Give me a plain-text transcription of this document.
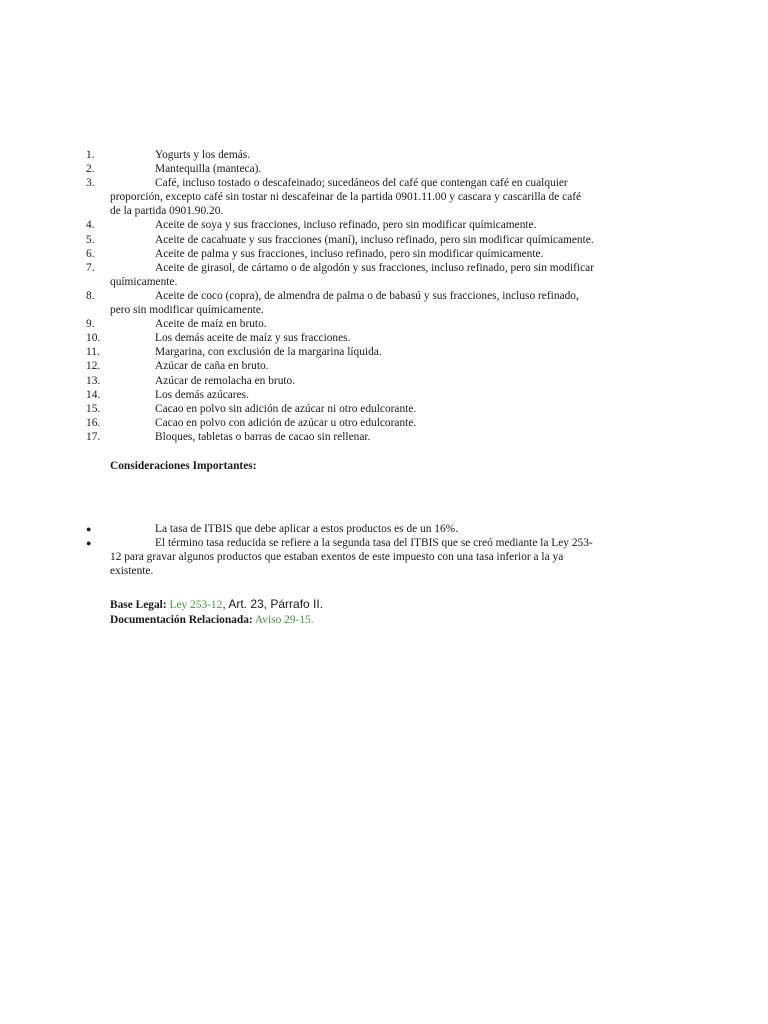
1.	Yogurts y los demás.
2.	Mantequilla (manteca).
3.	Café, incluso tostado o descafeinado; sucedáneos del café que contengan café en cualquier
proporción, excepto café sin tostar ni descafeinar de la partida 0901.11.00 y cascara y cascarilla de café
de la partida 0901.90.20.
4.	Aceite de soya y sus fracciones, incluso refinado, pero sin modificar químicamente.
5.	Aceite de cacahuate y sus fracciones (maní), incluso refinado, pero sin modificar químicamente.
6.	Aceite de palma y sus fracciones, incluso refinado, pero sin modificar químicamente.
7.	Aceite de girasol, de cártamo o de algodón y sus fracciones, incluso refinado, pero sin modificar
químicamente.
8.	Aceite de coco (copra), de almendra de palma o de babasú y sus fracciones, incluso refinado,
pero sin modificar químicamente.
9.	Aceite de maíz en bruto.
10.	Los demás aceite de maíz y sus fracciones.
11.	Margarina, con exclusión de la margarina líquida.
12.	Azúcar de caña en bruto.
13.	Azúcar de remolacha en bruto.
14.	Los demás azúcares.
15.	Cacao en polvo sin adición de azúcar ni otro edulcorante.
16.	Cacao en polvo con adición de azúcar u otro edulcorante.
17.	Bloques, tabletas o barras de cacao sin rellenar.
Consideraciones Importantes:
●	La tasa de ITBIS que debe aplicar a estos productos es de un 16%.
●	El término tasa reducida se refiere a la segunda tasa del ITBIS que se creó mediante la Ley 253-
12 para gravar algunos productos que estaban exentos de este impuesto con una tasa inferior a la ya
existente.
Base Legal: Ley 253-12, Art. 23, Párrafo II.
Documentación Relacionada: Aviso 29-15.
